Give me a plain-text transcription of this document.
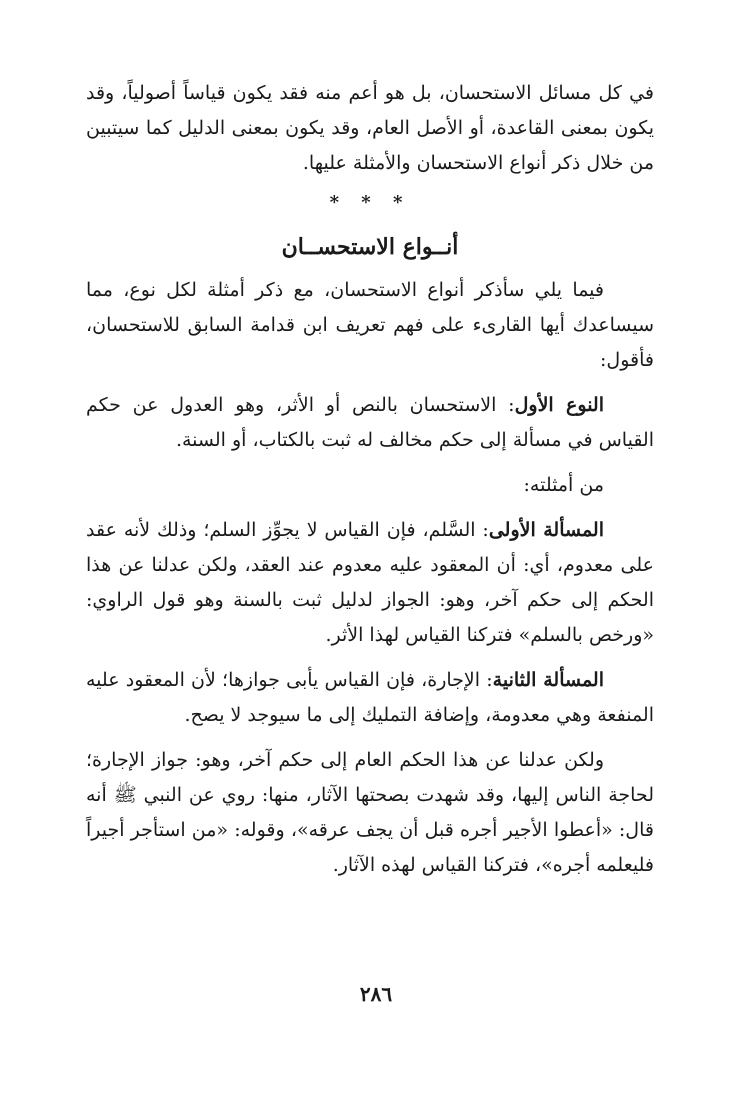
في كل مسائل الاستحسان، بل هو أعم منه فقد يكون قياساً أصولياً، وقد يكون بمعنى القاعدة، أو الأصل العام، وقد يكون بمعنى الدليل كما سيتبين من خلال ذكر أنواع الاستحسان والأمثلة عليها.

* * *
أنــواع الاستحســان

فيما يلي سأذكر أنواع الاستحسان، مع ذكر أمثلة لكل نوع، مما سيساعدك أيها القارىء على فهم تعريف ابن قدامة السابق للاستحسان، فأقول:

النوع الأول: الاستحسان بالنص أو الأثر، وهو العدول عن حكم القياس في مسألة إلى حكم مخالف له ثبت بالكتاب، أو السنة.

من أمثلته:

المسألة الأولى: السَّلم، فإن القياس لا يجوِّز السلم؛ وذلك لأنه عقد على معدوم، أي: أن المعقود عليه معدوم عند العقد، ولكن عدلنا عن هذا الحكم إلى حكم آخر، وهو: الجواز لدليل ثبت بالسنة وهو قول الراوي: «ورخص بالسلم» فتركنا القياس لهذا الأثر.

المسألة الثانية: الإجارة، فإن القياس يأبى جوازها؛ لأن المعقود عليه المنفعة وهي معدومة، وإضافة التمليك إلى ما سيوجد لا يصح.

ولكن عدلنا عن هذا الحكم العام إلى حكم آخر، وهو: جواز الإجارة؛ لحاجة الناس إليها، وقد شهدت بصحتها الآثار، منها: روي عن النبي ﷺ أنه قال: «أعطوا الأجير أجره قبل أن يجف عرقه»، وقوله: «من استأجر أجيراً فليعلمه أجره»، فتركنا القياس لهذه الآثار.

٢٨٦
